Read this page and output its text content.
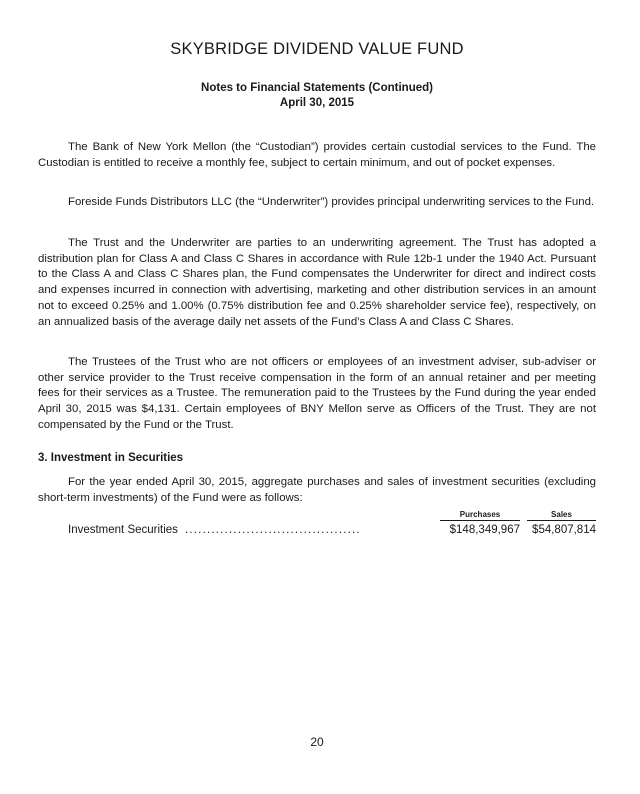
SKYBRIDGE DIVIDEND VALUE FUND
Notes to Financial Statements (Continued)
April 30, 2015

The Bank of New York Mellon (the “Custodian”) provides certain custodial services to the Fund. The Custodian is entitled to receive a monthly fee, subject to certain minimum, and out of pocket expenses.

Foreside Funds Distributors LLC (the “Underwriter”) provides principal underwriting services to the Fund.

The Trust and the Underwriter are parties to an underwriting agreement. The Trust has adopted a distribution plan for Class A and Class C Shares in accordance with Rule 12b-1 under the 1940 Act. Pursuant to the Class A and Class C Shares plan, the Fund compensates the Underwriter for direct and indirect costs and expenses incurred in connection with advertising, marketing and other distribution services in an amount not to exceed 0.25% and 1.00% (0.75% distribution fee and 0.25% shareholder service fee), respectively, on an annualized basis of the average daily net assets of the Fund’s Class A and Class C Shares.

The Trustees of the Trust who are not officers or employees of an investment adviser, sub-adviser or other service provider to the Trust receive compensation in the form of an annual retainer and per meeting fees for their services as a Trustee. The remuneration paid to the Trustees by the Fund during the year ended April 30, 2015 was $4,131. Certain employees of BNY Mellon serve as Officers of the Trust. They are not compensated by the Fund or the Trust.

3. Investment in Securities

For the year ended April 30, 2015, aggregate purchases and sales of investment securities (excluding short-term investments) of the Fund were as follows:

Purchases	Sales
Investment Securities ........................................	$148,349,967	$54,807,814
20
